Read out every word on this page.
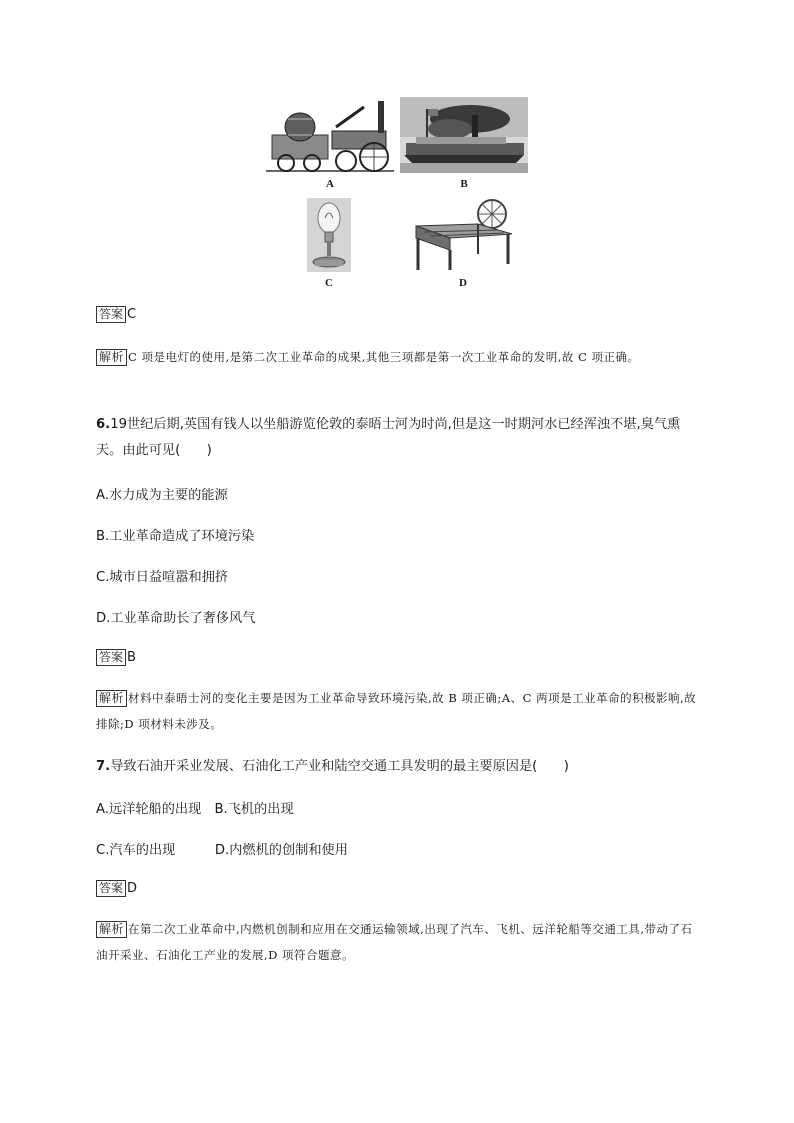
A	B
C	D
答案 C
解析 C 项是电灯的使用,是第二次工业革命的成果,其他三项都是第一次工业革命的发明,故 C 项正确。
6.19世纪后期,英国有钱人以坐船游览伦敦的泰晤士河为时尚,但是这一时期河水已经浑浊不堪,臭气熏天。由此可见(　　)
A.水力成为主要的能源
B.工业革命造成了环境污染
C.城市日益喧嚣和拥挤
D.工业革命助长了奢侈风气
答案 B
解析 材料中泰晤士河的变化主要是因为工业革命导致环境污染,故 B 项正确;A、C 两项是工业革命的积极影响,故排除;D 项材料未涉及。
7.导致石油开采业发展、石油化工产业和陆空交通工具发明的最主要原因是(　　)
A.远洋轮船的出现　B.飞机的出现
C.汽车的出现　　　D.内燃机的创制和使用
答案 D
解析 在第二次工业革命中,内燃机创制和应用在交通运输领域,出现了汽车、飞机、远洋轮船等交通工具,带动了石油开采业、石油化工产业的发展,D 项符合题意。
